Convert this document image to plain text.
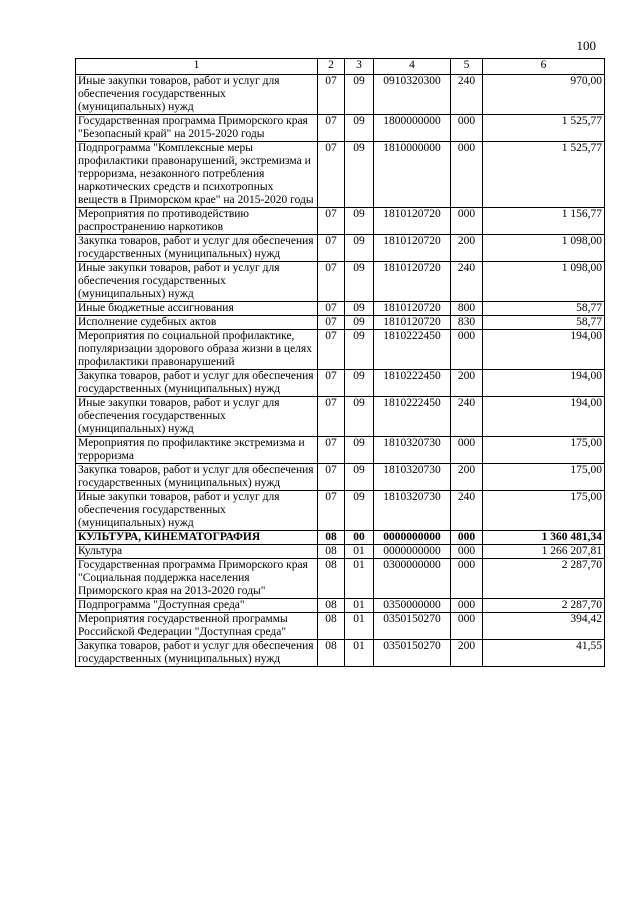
100
1	2	3	4	5	6
Иные закупки товаров, работ и услуг для обеспечения государственных (муниципальных) нужд	07	09	0910320300	240	970,00
Государственная программа Приморского края "Безопасный край" на 2015-2020 годы	07	09	1800000000	000	1 525,77
Подпрограмма "Комплексные меры профилактики правонарушений, экстремизма и терроризма, незаконного потребления наркотических средств и психотропных веществ в Приморском крае" на 2015-2020 годы	07	09	1810000000	000	1 525,77
Мероприятия по противодействию распространению наркотиков	07	09	1810120720	000	1 156,77
Закупка товаров, работ и услуг для обеспечения государственных (муниципальных) нужд	07	09	1810120720	200	1 098,00
Иные закупки товаров, работ и услуг для обеспечения государственных (муниципальных) нужд	07	09	1810120720	240	1 098,00
Иные бюджетные ассигнования	07	09	1810120720	800	58,77
Исполнение судебных актов	07	09	1810120720	830	58,77
Мероприятия по социальной профилактике, популяризации здорового образа жизни в целях профилактики правонарушений	07	09	1810222450	000	194,00
Закупка товаров, работ и услуг для обеспечения государственных (муниципальных) нужд	07	09	1810222450	200	194,00
Иные закупки товаров, работ и услуг для обеспечения государственных (муниципальных) нужд	07	09	1810222450	240	194,00
Мероприятия по профилактике экстремизма и терроризма	07	09	1810320730	000	175,00
Закупка товаров, работ и услуг для обеспечения государственных (муниципальных) нужд	07	09	1810320730	200	175,00
Иные закупки товаров, работ и услуг для обеспечения государственных (муниципальных) нужд	07	09	1810320730	240	175,00
КУЛЬТУРА, КИНЕМАТОГРАФИЯ	08	00	0000000000	000	1 360 481,34
Культура	08	01	0000000000	000	1 266 207,81
Государственная программа Приморского края "Социальная поддержка населения Приморского края на 2013-2020 годы"	08	01	0300000000	000	2 287,70
Подпрограмма "Доступная среда"	08	01	0350000000	000	2 287,70
Мероприятия государственной программы Российской Федерации "Доступная среда"	08	01	0350150270	000	394,42
Закупка товаров, работ и услуг для обеспечения государственных (муниципальных) нужд	08	01	0350150270	200	41,55
